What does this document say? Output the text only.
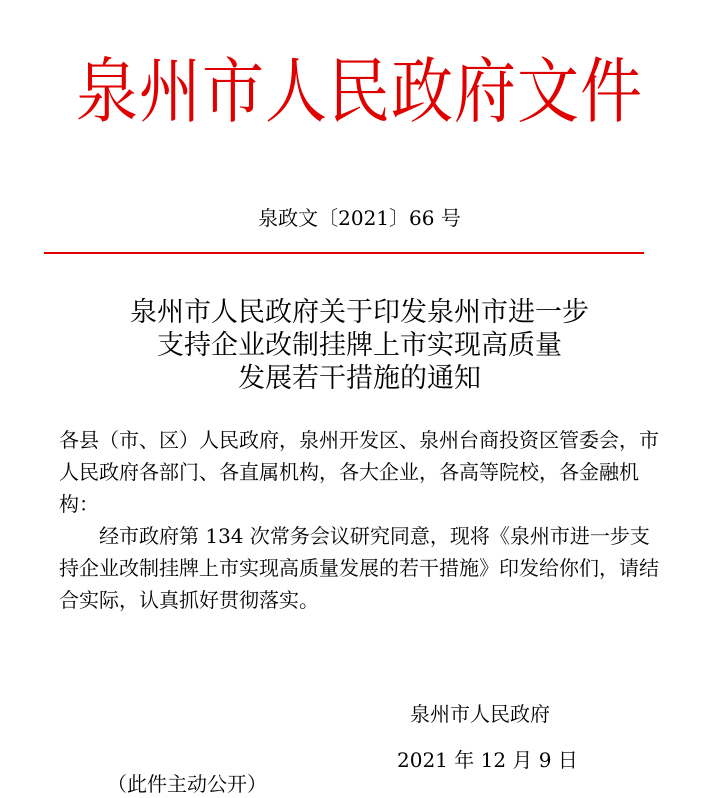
泉州市人民政府文件
泉政文〔2021〕66 号
泉州市人民政府关于印发泉州市进一步
支持企业改制挂牌上市实现高质量
发展若干措施的通知

各县（市、区）人民政府，泉州开发区、泉州台商投资区管委会，市人民政府各部门、各直属机构，各大企业，各高等院校，各金融机构：

经市政府第 134 次常务会议研究同意，现将《泉州市进一步支持企业改制挂牌上市实现高质量发展的若干措施》印发给你们，请结合实际，认真抓好贯彻落实。

泉州市人民政府
2021 年 12 月 9 日
（此件主动公开）
